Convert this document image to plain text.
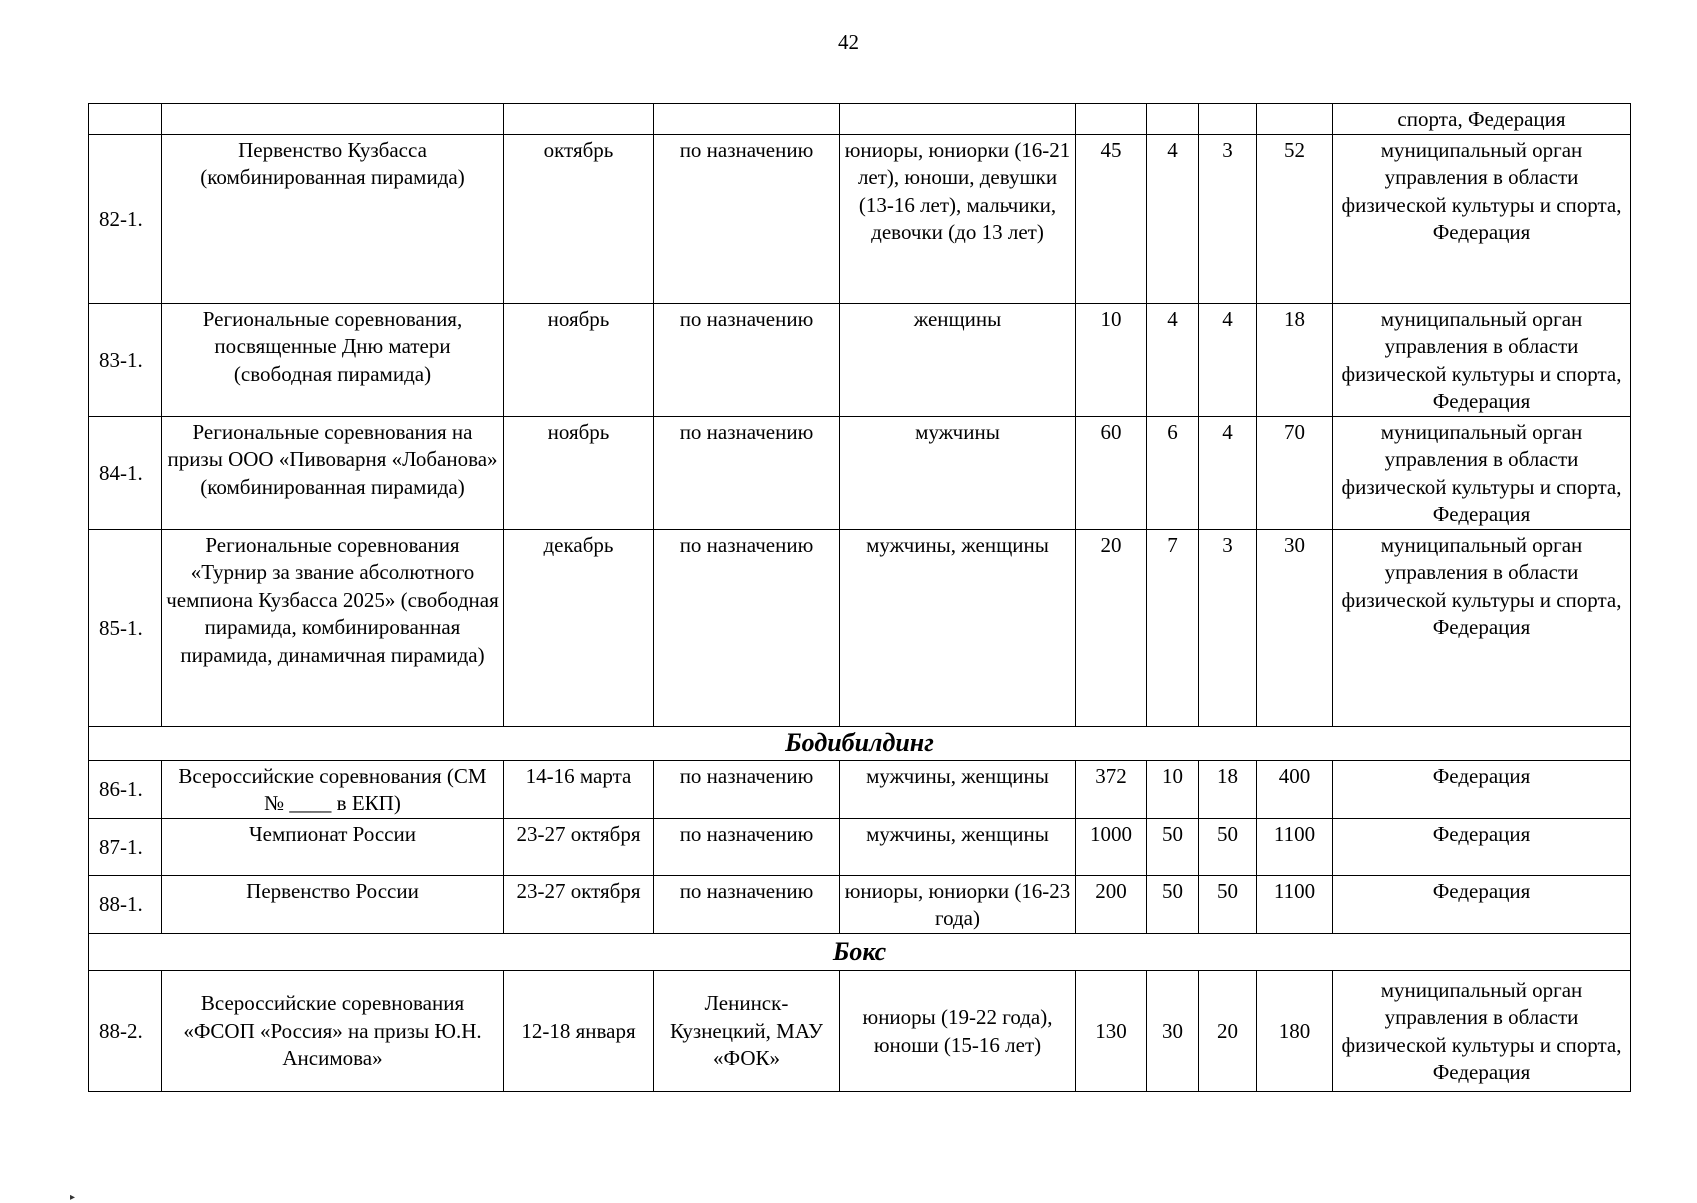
42
									спорта, Федерация
82-1.	Первенство Кузбасса (комбинированная пирамида)	октябрь	по назначению	юниоры, юниорки (16-21 лет), юноши, девушки (13-16 лет), мальчики, девочки (до 13 лет)	45	4	3	52	муниципальный орган управления в области физической культуры и спорта, Федерация
83-1.	Региональные соревнования, посвященные Дню матери (свободная пирамида)	ноябрь	по назначению	женщины	10	4	4	18	муниципальный орган управления в области физической культуры и спорта, Федерация
84-1.	Региональные соревнования на призы ООО «Пивоварня «Лобанова» (комбинированная пирамида)	ноябрь	по назначению	мужчины	60	6	4	70	муниципальный орган управления в области физической культуры и спорта, Федерация
85-1.	Региональные соревнования «Турнир за звание абсолютного чемпиона Кузбасса 2025» (свободная пирамида, комбинированная пирамида, динамичная пирамида)	декабрь	по назначению	мужчины, женщины	20	7	3	30	муниципальный орган управления в области физической культуры и спорта, Федерация
Бодибилдинг									
86-1.	Всероссийские соревнования (СМ № ____ в ЕКП)	14-16 марта	по назначению	мужчины, женщины	372	10	18	400	Федерация
87-1.	Чемпионат России	23-27 октября	по назначению	мужчины, женщины	1000	50	50	1100	Федерация
88-1.	Первенство России	23-27 октября	по назначению	юниоры, юниорки (16-23 года)	200	50	50	1100	Федерация
Бокс									
88-2.	Всероссийские соревнования «ФСОП «Россия» на призы Ю.Н. Ансимова»	12-18 января	Ленинск-Кузнецкий, МАУ «ФОК»	юниоры (19-22 года), юноши (15-16 лет)	130	30	20	180	муниципальный орган управления в области физической культуры и спорта, Федерация
▸
